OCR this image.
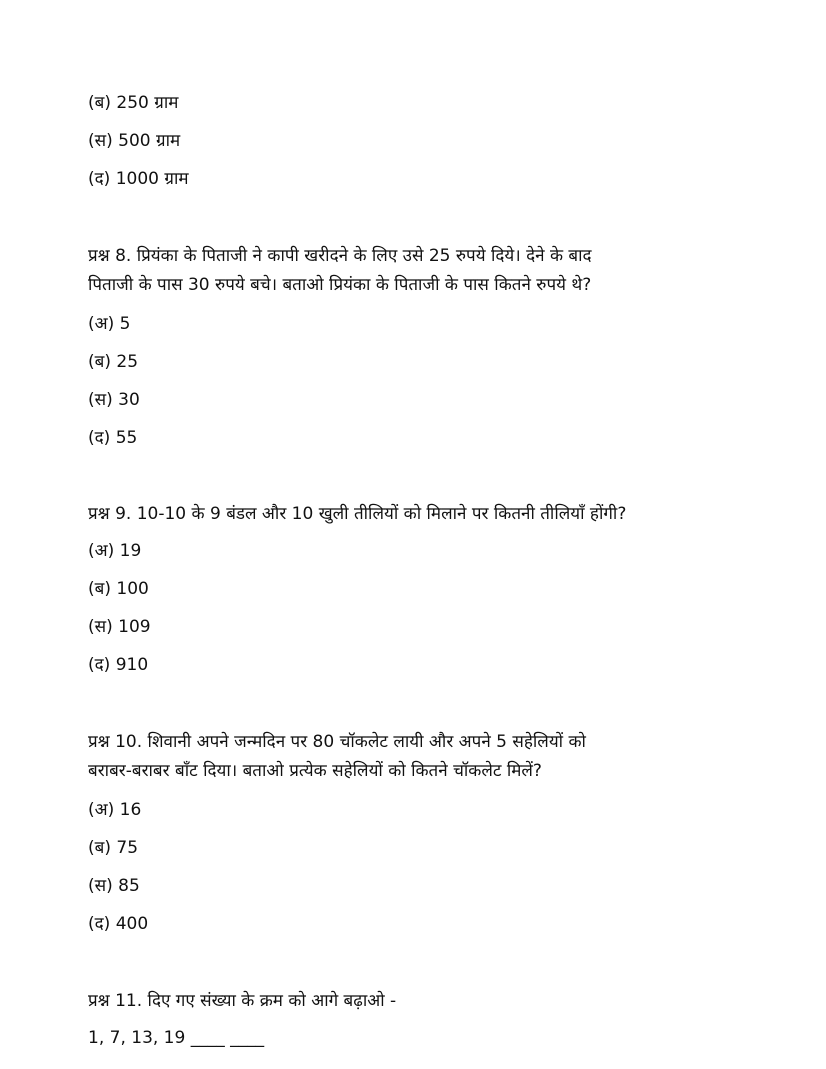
(ब) 250 ग्राम
(स) 500 ग्राम
(द) 1000 ग्राम
प्रश्न 8. प्रियंका के पिताजी ने कापी खरीदने के लिए उसे 25 रुपये दिये। देने के बाद
पिताजी के पास 30 रुपये बचे। बताओ प्रियंका के पिताजी के पास कितने रुपये थे?
(अ) 5
(ब) 25
(स) 30
(द) 55
प्रश्न 9. 10-10 के 9 बंडल और 10 खुली तीलियों को मिलाने पर कितनी तीलियाँ होंगी?
(अ) 19
(ब) 100
(स) 109
(द) 910
प्रश्न 10. शिवानी अपने जन्मदिन पर 80 चॉकलेट लायी और अपने 5 सहेलियों को
बराबर-बराबर बाँट दिया। बताओ प्रत्येक सहेलियों को कितने चॉकलेट मिलें?
(अ) 16
(ब) 75
(स) 85
(द) 400
प्रश्न 11. दिए गए संख्या के क्रम को आगे बढ़ाओ -
1, 7, 13, 19 ____ ____
